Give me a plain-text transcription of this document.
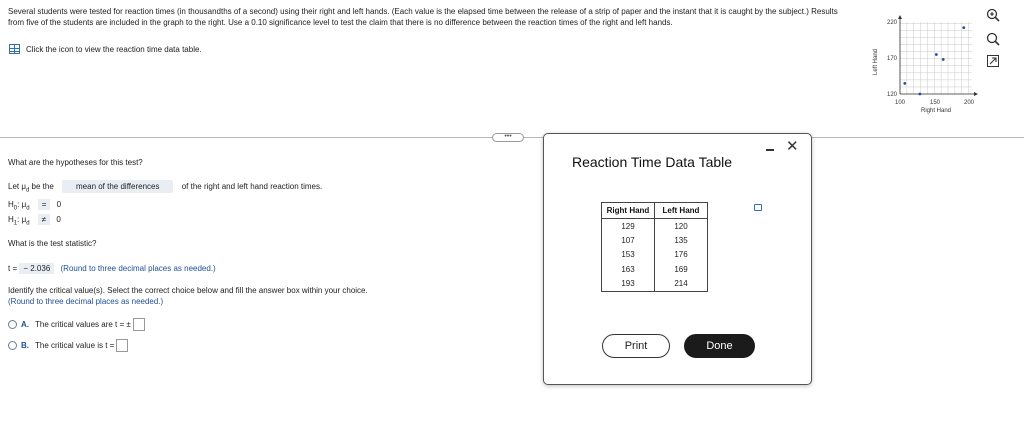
Several students were tested for reaction times (in thousandths of a second) using their right and left hands. (Each value is the elapsed time between the release of a strip of paper and the instant that it is caught by the subject.) Results from five of the students are included in the graph to the right. Use a 0.10 significance level to test the claim that there is no difference between the reaction times of the right and left hands.
Click the icon to view the reaction time data table.	Left Hand
Right Hand
100	150	200
120
170
220
•••
What are the hypotheses for this test?
Let $\mu_d$ be the	mean of the differences	of the right and left hand reaction times.
$H_0$: $\mu_d = 0$
$H_1$: $\mu_d \ne 0$
What is the test statistic?
t = − 2.036 (Round to three decimal places as needed.)
Identify the critical value(s). Select the correct choice below and fill the answer box within your choice.
(Round to three decimal places as needed.)
A. The critical values are t = ±
B. The critical value is t =
Reaction Time Data Table
✕
Right Hand	Left Hand
129	120
107	135
153	176
163	169
193	214
Print	Done
